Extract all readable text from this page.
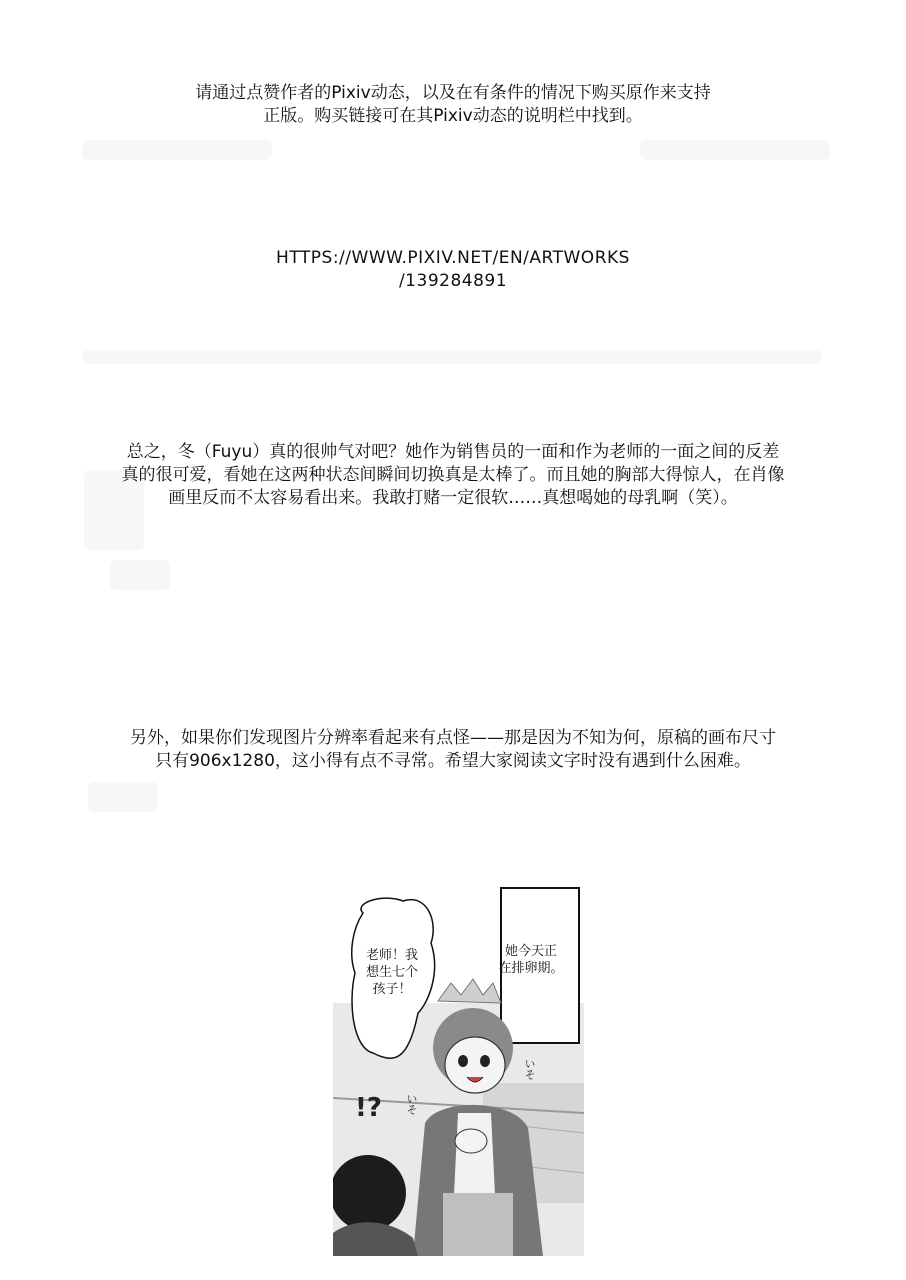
请通过点赞作者的Pixiv动态，以及在有条件的情况下购买原作来支持
正版。购买链接可在其Pixiv动态的说明栏中找到。
HTTPS://WWW.PIXIV.NET/EN/ARTWORKS
/139284891
总之，冬（Fuyu）真的很帅气对吧？她作为销售员的一面和作为老师的一面之间的反差真的很可爱，看她在这两种状态间瞬间切换真是太棒了。而且她的胸部大得惊人，在肖像画里反而不太容易看出来。我敢打赌一定很软……真想喝她的母乳啊（笑）。
另外，如果你们发现图片分辨率看起来有点怪——那是因为不知为何，原稿的画布尺寸
只有906x1280，这小得有点不寻常。希望大家阅读文字时没有遇到什么困难。
老师！我
想生七个
孩子！
她今天正
在排卵期。
いそ
いそ
!?
